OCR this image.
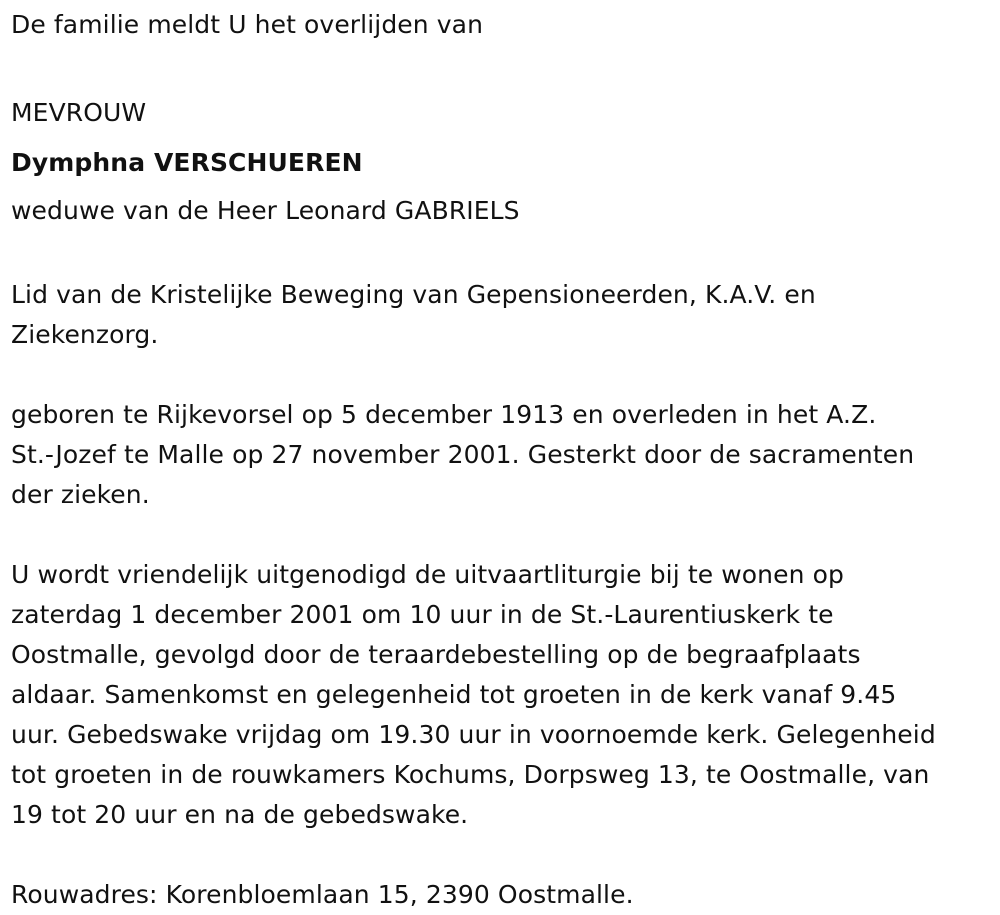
De familie meldt U het overlijden van
MEVROUW
Dymphna VERSCHUEREN
weduwe van de Heer Leonard GABRIELS
Lid van de Kristelijke Beweging van Gepensioneerden, K.A.V. en
Ziekenzorg.
geboren te Rijkevorsel op 5 december 1913 en overleden in het A.Z.
St.-Jozef te Malle op 27 november 2001. Gesterkt door de sacramenten
der zieken.
U wordt vriendelijk uitgenodigd de uitvaartliturgie bij te wonen op
zaterdag 1 december 2001 om 10 uur in de St.-Laurentiuskerk te
Oostmalle, gevolgd door de teraardebestelling op de begraafplaats
aldaar. Samenkomst en gelegenheid tot groeten in de kerk vanaf 9.45
uur. Gebedswake vrijdag om 19.30 uur in voornoemde kerk. Gelegenheid
tot groeten in de rouwkamers Kochums, Dorpsweg 13, te Oostmalle, van
19 tot 20 uur en na de gebedswake.
Rouwadres: Korenbloemlaan 15, 2390 Oostmalle.
